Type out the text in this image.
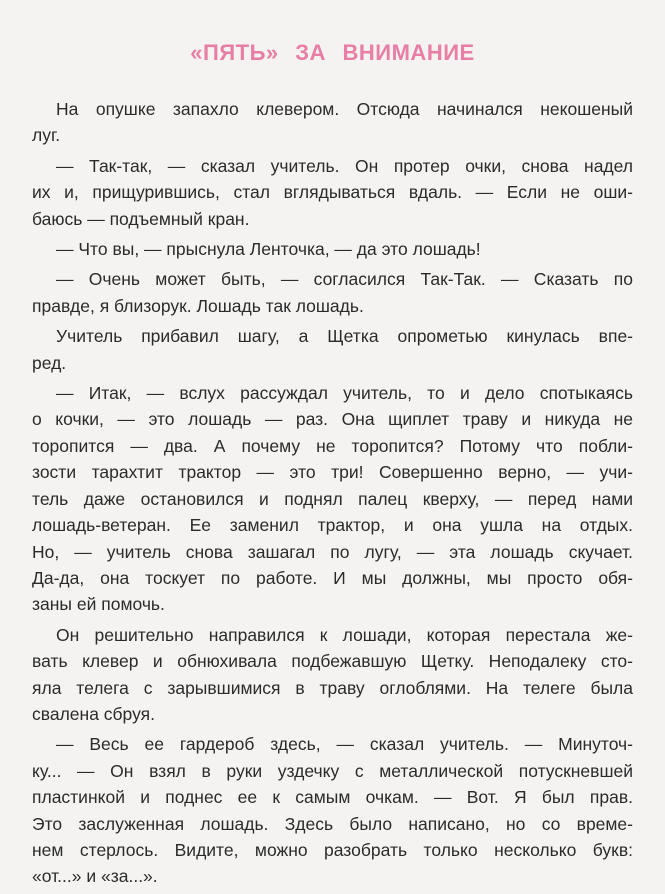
«ПЯТЬ» ЗА ВНИМАНИЕ
На опушке запахло клевером. Отсюда начинался некошеный
луг.
— Так-так, — сказал учитель. Он протер очки, снова надел
их и, прищурившись, стал вглядываться вдаль. — Если не оши-
баюсь — подъемный кран.
— Что вы, — прыснула Ленточка, — да это лошадь!
— Очень может быть, — согласился Так-Так. — Сказать по
правде, я близорук. Лошадь так лошадь.
Учитель прибавил шагу, а Щетка опрометью кинулась впе-
ред.
— Итак, — вслух рассуждал учитель, то и дело спотыкаясь
о кочки, — это лошадь — раз. Она щиплет траву и никуда не
торопится — два. А почему не торопится? Потому что побли-
зости тарахтит трактор — это три! Совершенно верно, — учи-
тель даже остановился и поднял палец кверху, — перед нами
лошадь-ветеран. Ее заменил трактор, и она ушла на отдых.
Но, — учитель снова зашагал по лугу, — эта лошадь скучает.
Да-да, она тоскует по работе. И мы должны, мы просто обя-
заны ей помочь.
Он решительно направился к лошади, которая перестала же-
вать клевер и обнюхивала подбежавшую Щетку. Неподалеку сто-
яла телега с зарывшимися в траву оглоблями. На телеге была
свалена сбруя.
— Весь ее гардероб здесь, — сказал учитель. — Минуточ-
ку... — Он взял в руки уздечку с металлической потускневшей
пластинкой и поднес ее к самым очкам. — Вот. Я был прав.
Это заслуженная лошадь. Здесь было написано, но со време-
нем стерлось. Видите, можно разобрать только несколько букв:
«от...» и «за...».
